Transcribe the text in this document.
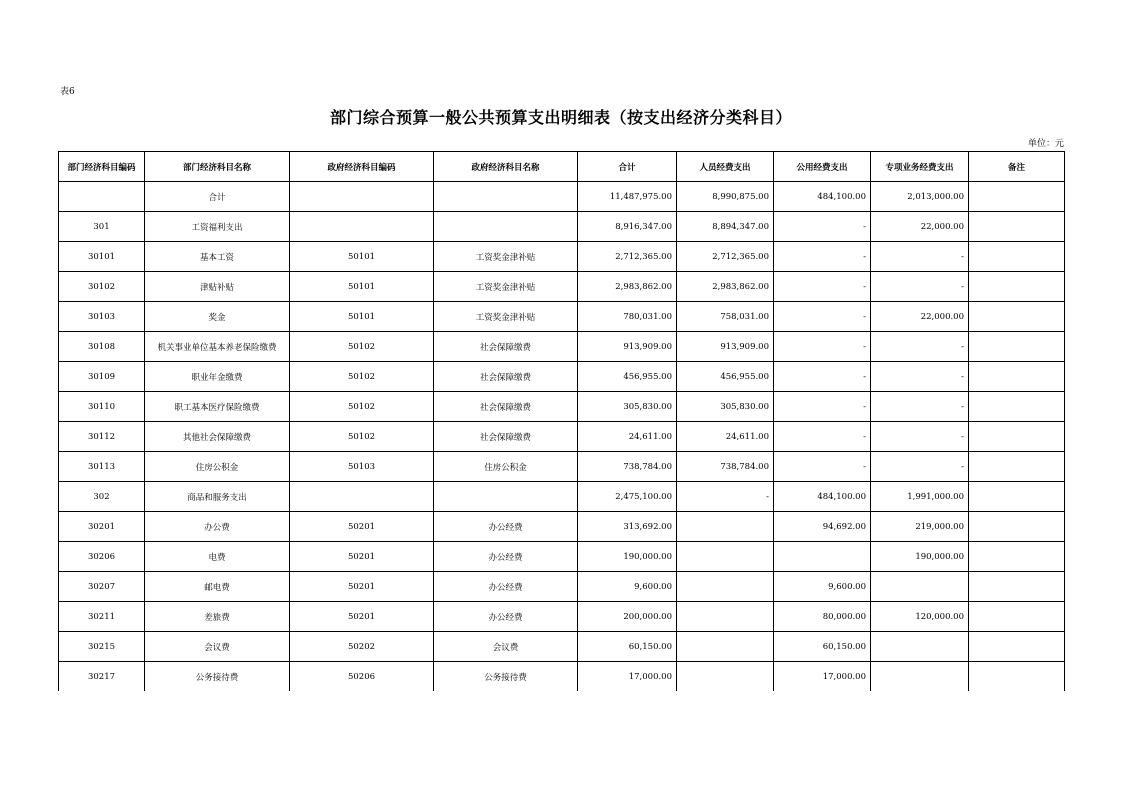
表6
部门综合预算一般公共预算支出明细表（按支出经济分类科目）
单位：元
部门经济科目编码	部门经济科目名称	政府经济科目编码	政府经济科目名称	合计	人员经费支出	公用经费支出	专项业务经费支出	备注
	合计			11,487,975.00	8,990,875.00	484,100.00	2,013,000.00	
301	工资福利支出			8,916,347.00	8,894,347.00	-	22,000.00	
30101	基本工资	50101	工资奖金津补贴	2,712,365.00	2,712,365.00	-	-	
30102	津贴补贴	50101	工资奖金津补贴	2,983,862.00	2,983,862.00	-	-	
30103	奖金	50101	工资奖金津补贴	780,031.00	758,031.00	-	22,000.00	
30108	机关事业单位基本养老保险缴费	50102	社会保障缴费	913,909.00	913,909.00	-	-	
30109	职业年金缴费	50102	社会保障缴费	456,955.00	456,955.00	-	-	
30110	职工基本医疗保险缴费	50102	社会保障缴费	305,830.00	305,830.00	-	-	
30112	其他社会保障缴费	50102	社会保障缴费	24,611.00	24,611.00	-	-	
30113	住房公积金	50103	住房公积金	738,784.00	738,784.00	-	-	
302	商品和服务支出			2,475,100.00	-	484,100.00	1,991,000.00	
30201	办公费	50201	办公经费	313,692.00		94,692.00	219,000.00	
30206	电费	50201	办公经费	190,000.00			190,000.00	
30207	邮电费	50201	办公经费	9,600.00		9,600.00		
30211	差旅费	50201	办公经费	200,000.00		80,000.00	120,000.00	
30215	会议费	50202	会议费	60,150.00		60,150.00		
30217	公务接待费	50206	公务接待费	17,000.00		17,000.00		
